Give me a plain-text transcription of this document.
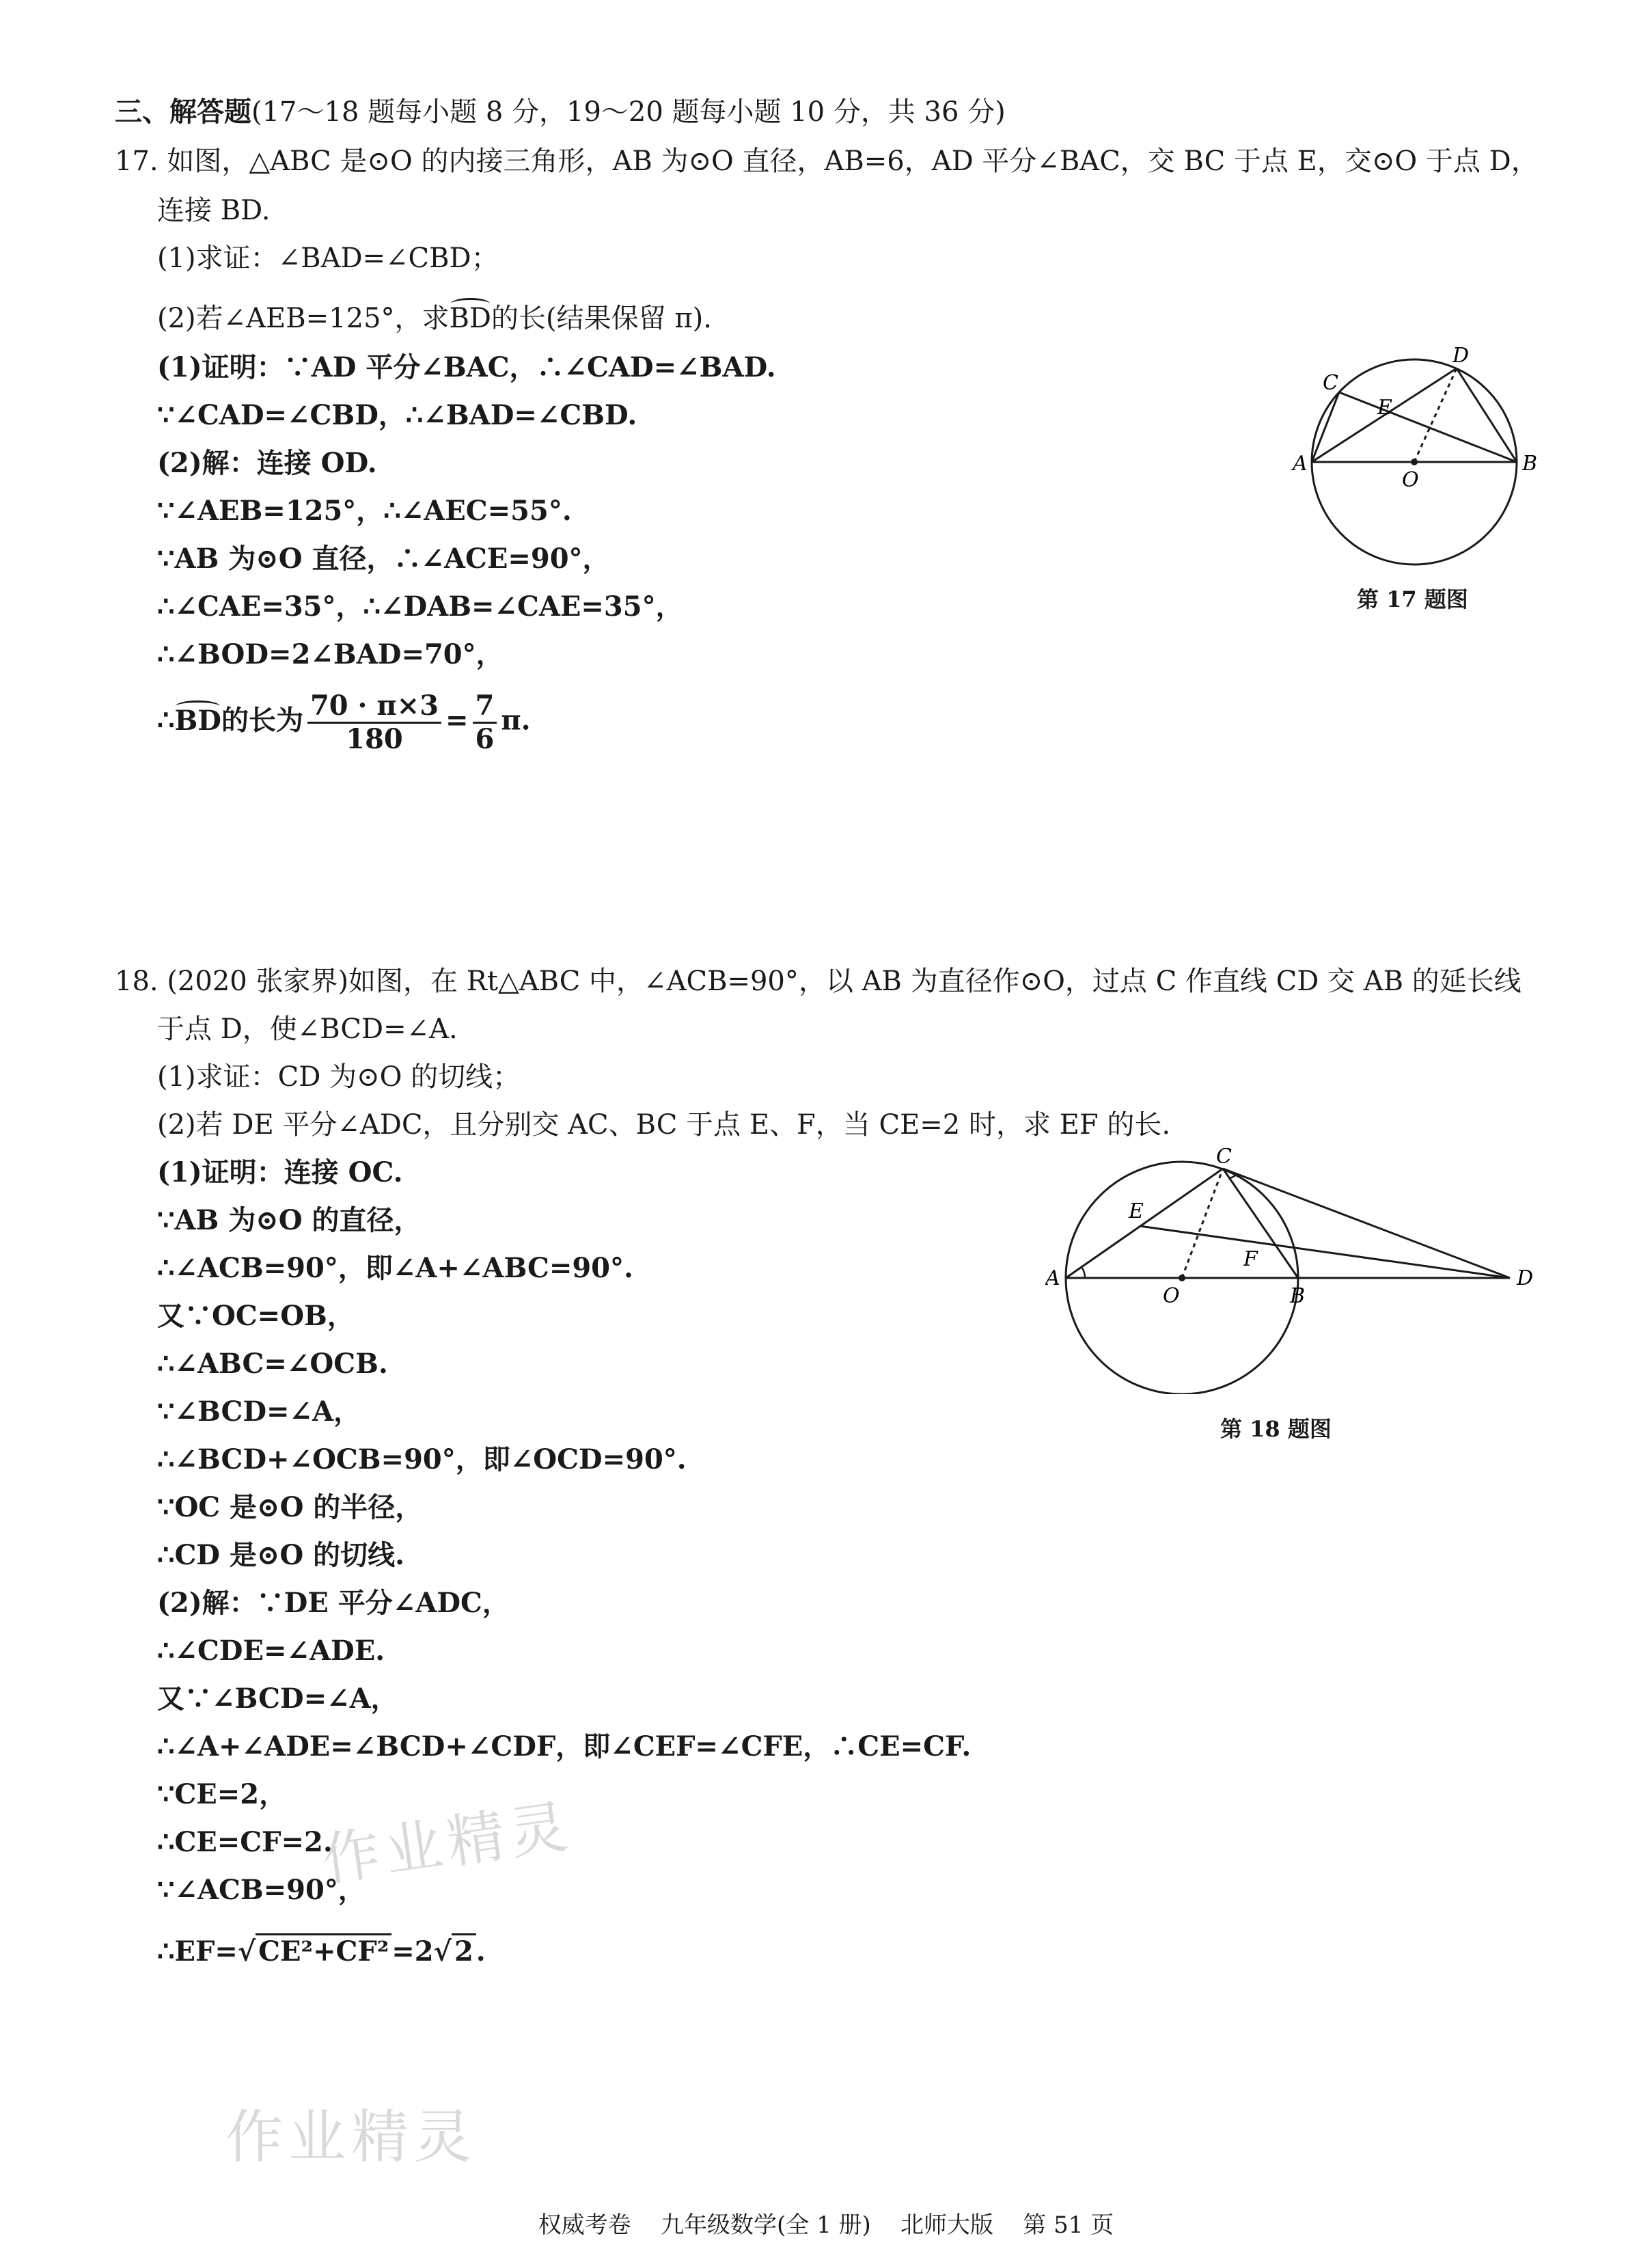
三、解答题(17～18 题每小题 8 分，19～20 题每小题 10 分，共 36 分)
17. 如图，△ABC 是⊙O 的内接三角形，AB 为⊙O 直径，AB=6，AD 平分∠BAC，交 BC 于点 E，交⊙O 于点 D，
连接 BD.
(1)求证：∠BAD=∠CBD；
(2)若∠AEB=125°，求BD的长(结果保留 π).
(1)证明：∵AD 平分∠BAC，∴∠CAD=∠BAD.
∵∠CAD=∠CBD，∴∠BAD=∠CBD.
(2)解：连接 OD.
∵∠AEB=125°，∴∠AEC=55°.
∵AB 为⊙O 直径，∴∠ACE=90°，
∴∠CAE=35°，∴∠DAB=∠CAE=35°，
∴∠BOD=2∠BAD=70°，
∴BD的长为 $\frac{70 \cdot \pi\times 3}{180} = \frac{7}{6} \pi$.
A	B
C
D
E
O
第 17 题图
18. (2020 张家界)如图，在 Rt△ABC 中，∠ACB=90°，以 AB 为直径作⊙O，过点 C 作直线 CD 交 AB 的延长线
于点 D，使∠BCD=∠A.
(1)求证：CD 为⊙O 的切线；
(2)若 DE 平分∠ADC，且分别交 AC、BC 于点 E、F，当 CE=2 时，求 EF 的长.
(1)证明：连接 OC.
∵AB 为⊙O 的直径，
∴∠ACB=90°，即∠A+∠ABC=90°.
又∵OC=OB，
∴∠ABC=∠OCB.
∵∠BCD=∠A，
∴∠BCD+∠OCB=90°，即∠OCD=90°.
∵OC 是⊙O 的半径，
∴CD 是⊙O 的切线.
(2)解：∵DE 平分∠ADC，
∴∠CDE=∠ADE.
又∵∠BCD=∠A，
∴∠A+∠ADE=∠BCD+∠CDF，即∠CEF=∠CFE，∴CE=CF.
∵CE=2，
∴CE=CF=2.
∵∠ACB=90°，
∴EF=√ CE²+CF² =2√ 2 .
A
B
C
D
E
F
O
第 18 题图
作业精灵
作业精灵
权威考卷    九年级数学(全 1 册)    北师大版    第 51 页
